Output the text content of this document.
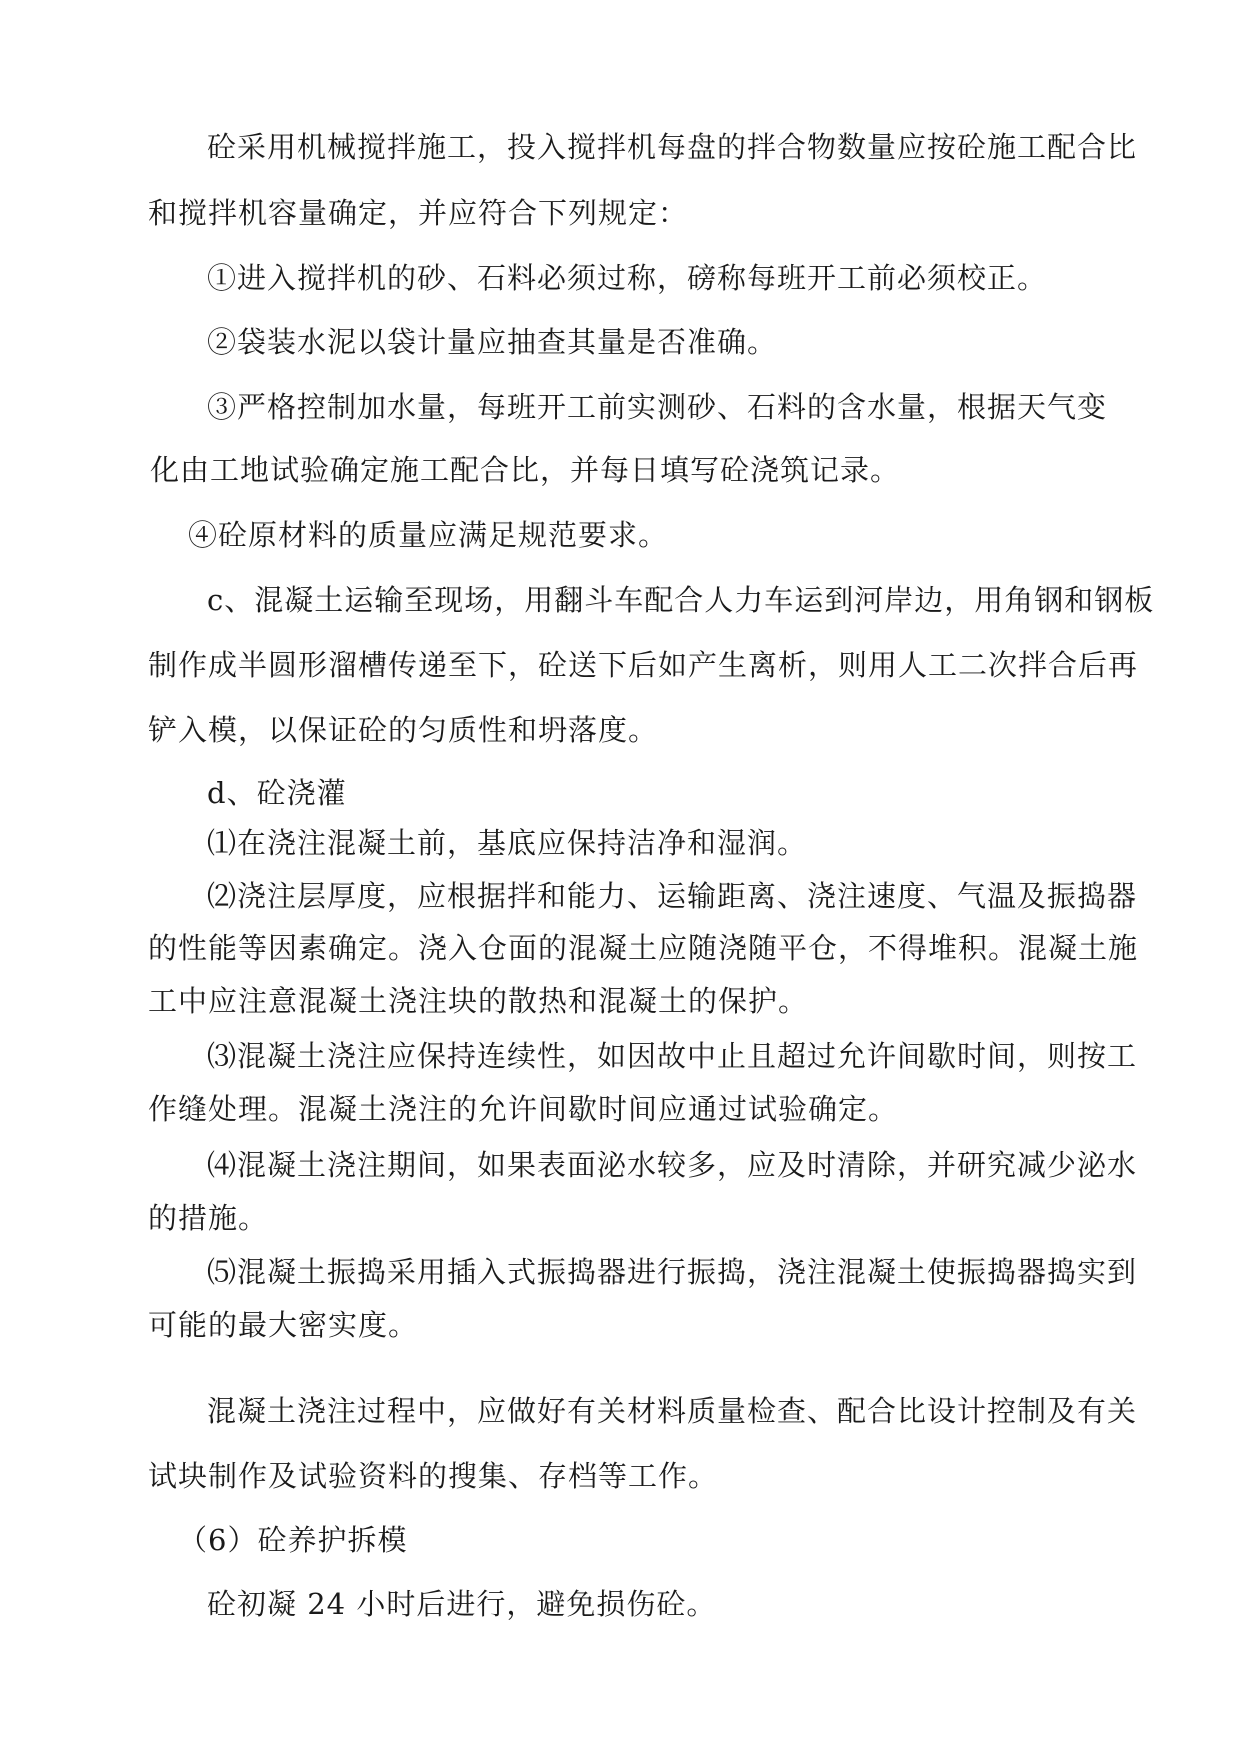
砼采用机械搅拌施工，投入搅拌机每盘的拌合物数量应按砼施工配合比
和搅拌机容量确定，并应符合下列规定：
①进入搅拌机的砂、石料必须过称，磅称每班开工前必须校正。
②袋装水泥以袋计量应抽查其量是否准确。
③严格控制加水量，每班开工前实测砂、石料的含水量，根据天气变
化由工地试验确定施工配合比，并每日填写砼浇筑记录。
④砼原材料的质量应满足规范要求。
c、混凝土运输至现场，用翻斗车配合人力车运到河岸边，用角钢和钢板
制作成半圆形溜槽传递至下，砼送下后如产生离析，则用人工二次拌合后再
铲入模，以保证砼的匀质性和坍落度。
d、砼浇灌
⑴在浇注混凝土前，基底应保持洁净和湿润。
⑵浇注层厚度，应根据拌和能力、运输距离、浇注速度、气温及振捣器
的性能等因素确定。浇入仓面的混凝土应随浇随平仓，不得堆积。混凝土施
工中应注意混凝土浇注块的散热和混凝土的保护。
⑶混凝土浇注应保持连续性，如因故中止且超过允许间歇时间，则按工
作缝处理。混凝土浇注的允许间歇时间应通过试验确定。
⑷混凝土浇注期间，如果表面泌水较多，应及时清除，并研究减少泌水
的措施。
⑸混凝土振捣采用插入式振捣器进行振捣，浇注混凝土使振捣器捣实到
可能的最大密实度。
混凝土浇注过程中，应做好有关材料质量检查、配合比设计控制及有关
试块制作及试验资料的搜集、存档等工作。
（6）砼养护拆模
砼初凝 24 小时后进行，避免损伤砼。
